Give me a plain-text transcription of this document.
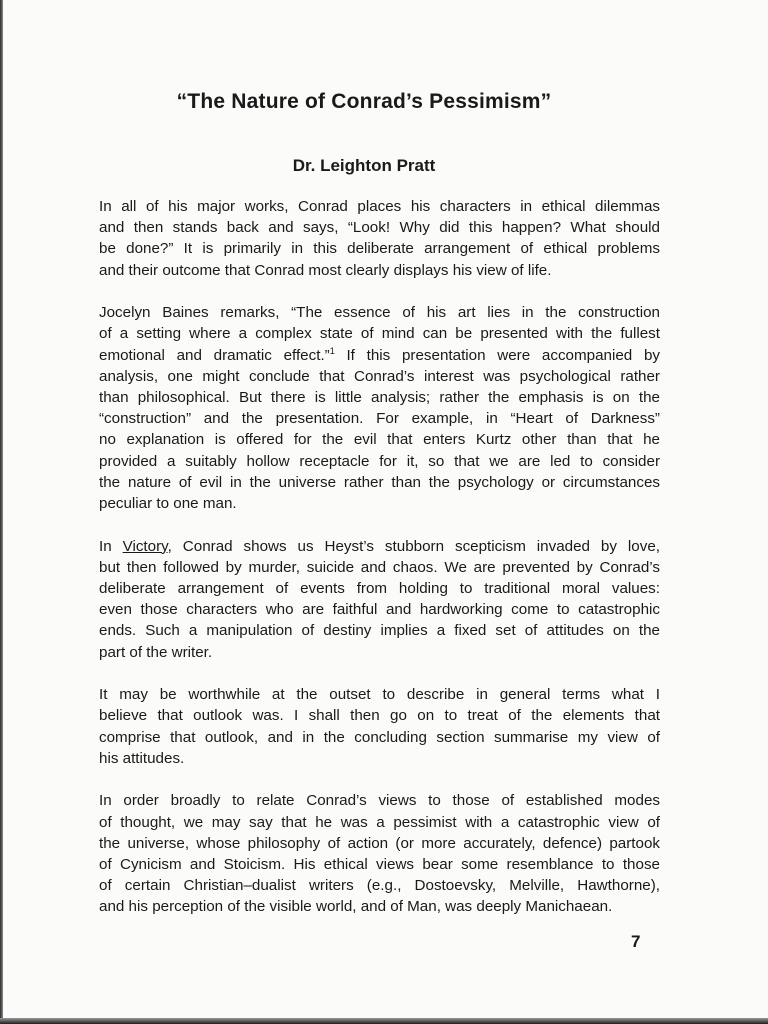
“The Nature of Conrad’s Pessimism”
Dr. Leighton Pratt

In all of his major works, Conrad places his characters in ethical dilemmas
and then stands back and says, “Look! Why did this happen? What should
be done?” It is primarily in this deliberate arrangement of ethical problems
and their outcome that Conrad most clearly displays his view of life.

Jocelyn Baines remarks, “The essence of his art lies in the construction
of a setting where a complex state of mind can be presented with the fullest
emotional and dramatic effect.”$^1$ If this presentation were accompanied by
analysis, one might conclude that Conrad’s interest was psychological rather
than philosophical. But there is little analysis; rather the emphasis is on the
“construction” and the presentation. For example, in “Heart of Darkness”
no explanation is offered for the evil that enters Kurtz other than that he
provided a suitably hollow receptacle for it, so that we are led to consider
the nature of evil in the universe rather than the psychology or circumstances
peculiar to one man.

In Victory, Conrad shows us Heyst’s stubborn scepticism invaded by love,
but then followed by murder, suicide and chaos. We are prevented by Conrad’s
deliberate arrangement of events from holding to traditional moral values:
even those characters who are faithful and hardworking come to catastrophic
ends. Such a manipulation of destiny implies a fixed set of attitudes on the
part of the writer.

It may be worthwhile at the outset to describe in general terms what I
believe that outlook was. I shall then go on to treat of the elements that
comprise that outlook, and in the concluding section summarise my view of
his attitudes.

In order broadly to relate Conrad’s views to those of established modes
of thought, we may say that he was a pessimist with a catastrophic view of
the universe, whose philosophy of action (or more accurately, defence) partook
of Cynicism and Stoicism. His ethical views bear some resemblance to those
of certain Christian–dualist writers (e.g., Dostoevsky, Melville, Hawthorne),
and his perception of the visible world, and of Man, was deeply Manichaean.

7
